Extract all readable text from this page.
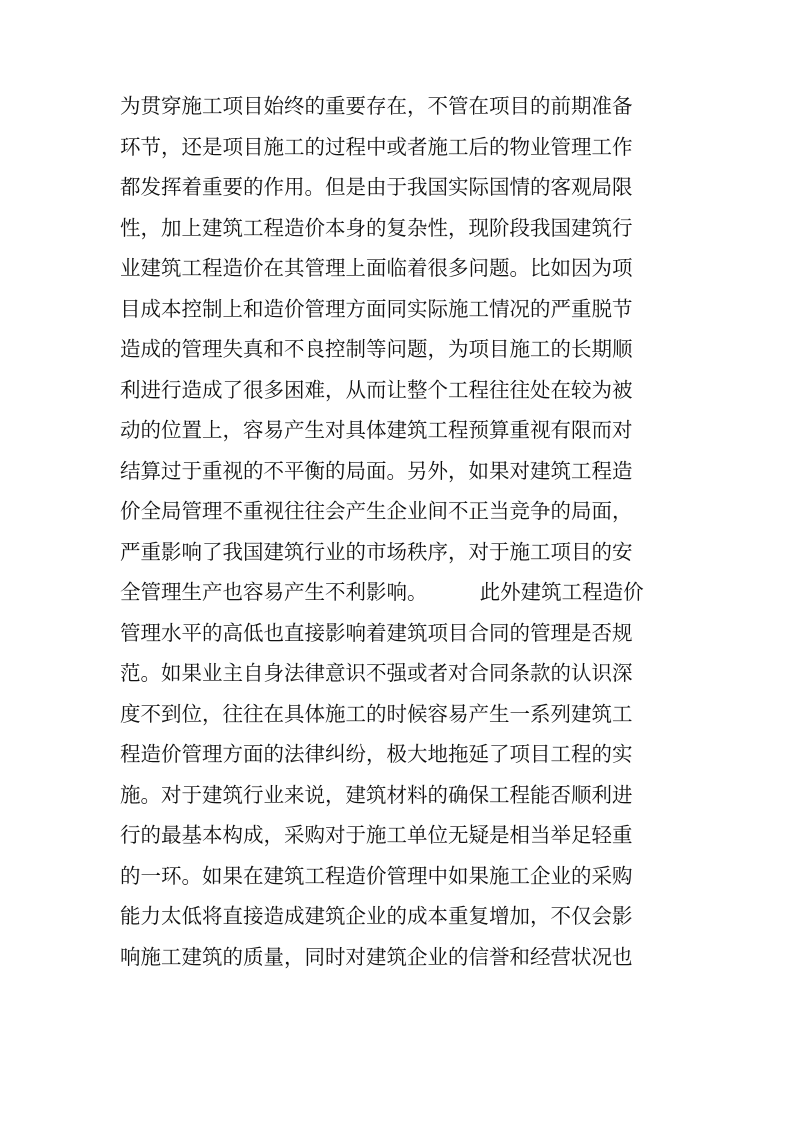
为贯穿施工项目始终的重要存在，不管在项目的前期准备
环节，还是项目施工的过程中或者施工后的物业管理工作
都发挥着重要的作用。但是由于我国实际国情的客观局限
性，加上建筑工程造价本身的复杂性，现阶段我国建筑行
业建筑工程造价在其管理上面临着很多问题。比如因为项
目成本控制上和造价管理方面同实际施工情况的严重脱节
造成的管理失真和不良控制等问题，为项目施工的长期顺
利进行造成了很多困难，从而让整个工程往往处在较为被
动的位置上，容易产生对具体建筑工程预算重视有限而对
结算过于重视的不平衡的局面。另外，如果对建筑工程造
价全局管理不重视往往会产生企业间不正当竞争的局面，
严重影响了我国建筑行业的市场秩序，对于施工项目的安
全管理生产也容易产生不利影响。        此外建筑工程造价
管理水平的高低也直接影响着建筑项目合同的管理是否规
范。如果业主自身法律意识不强或者对合同条款的认识深
度不到位，往往在具体施工的时候容易产生一系列建筑工
程造价管理方面的法律纠纷，极大地拖延了项目工程的实
施。对于建筑行业来说，建筑材料的确保工程能否顺利进
行的最基本构成，采购对于施工单位无疑是相当举足轻重
的一环。如果在建筑工程造价管理中如果施工企业的采购
能力太低将直接造成建筑企业的成本重复增加，不仅会影
响施工建筑的质量，同时对建筑企业的信誉和经营状况也
